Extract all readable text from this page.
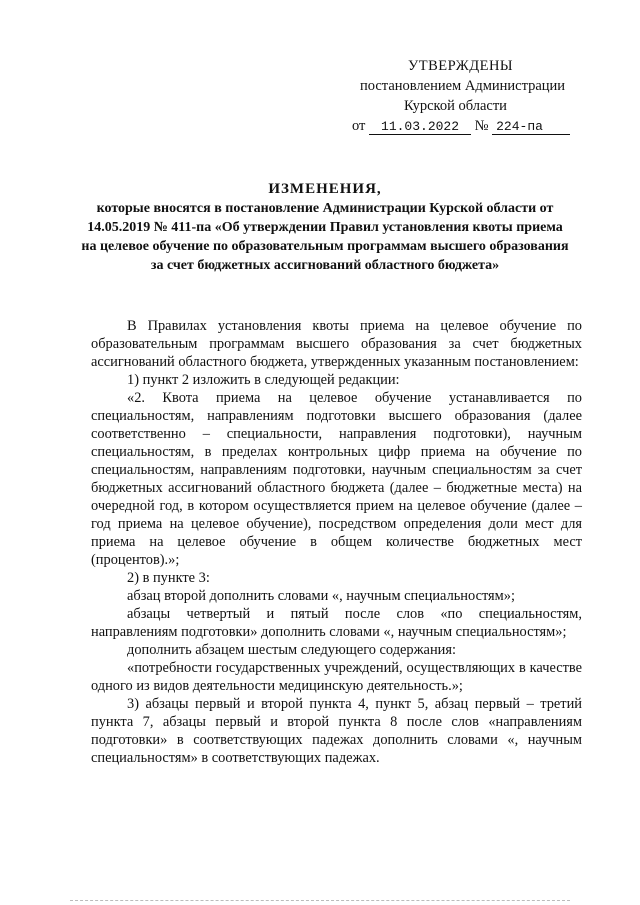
УТВЕРЖДЕНЫ
постановлением Администрации
Курской области
от 11.03.2022 № 224-па
ИЗМЕНЕНИЯ,
которые вносятся в постановление Администрации Курской области от 14.05.2019 № 411-па «Об утверждении Правил установления квоты приема на целевое обучение по образовательным программам высшего образования за счет бюджетных ассигнований областного бюджета»

В Правилах установления квоты приема на целевое обучение по образовательным программам высшего образования за счет бюджетных ассигнований областного бюджета, утвержденных указанным постановлением:

1) пункт 2 изложить в следующей редакции:

«2. Квота приема на целевое обучение устанавливается по специальностям, направлениям подготовки высшего образования (далее соответственно – специальности, направления подготовки), научным специальностям, в пределах контрольных цифр приема на обучение по специальностям, направлениям подготовки, научным специальностям за счет бюджетных ассигнований областного бюджета (далее – бюджетные места) на очередной год, в котором осуществляется прием на целевое обучение (далее – год приема на целевое обучение), посредством определения доли мест для приема на целевое обучение в общем количестве бюджетных мест (процентов).»;

2) в пункте 3:

абзац второй дополнить словами «, научным специальностям»;

абзацы четвертый и пятый после слов «по специальностям, направлениям подготовки» дополнить словами «, научным специальностям»;

дополнить абзацем шестым следующего содержания:

«потребности государственных учреждений, осуществляющих в качестве одного из видов деятельности медицинскую деятельность.»;

3) абзацы первый и второй пункта 4, пункт 5, абзац первый – третий пункта 7, абзацы первый и второй пункта 8 после слов «направлениям подготовки» в соответствующих падежах дополнить словами «, научным специальностям» в соответствующих падежах.
